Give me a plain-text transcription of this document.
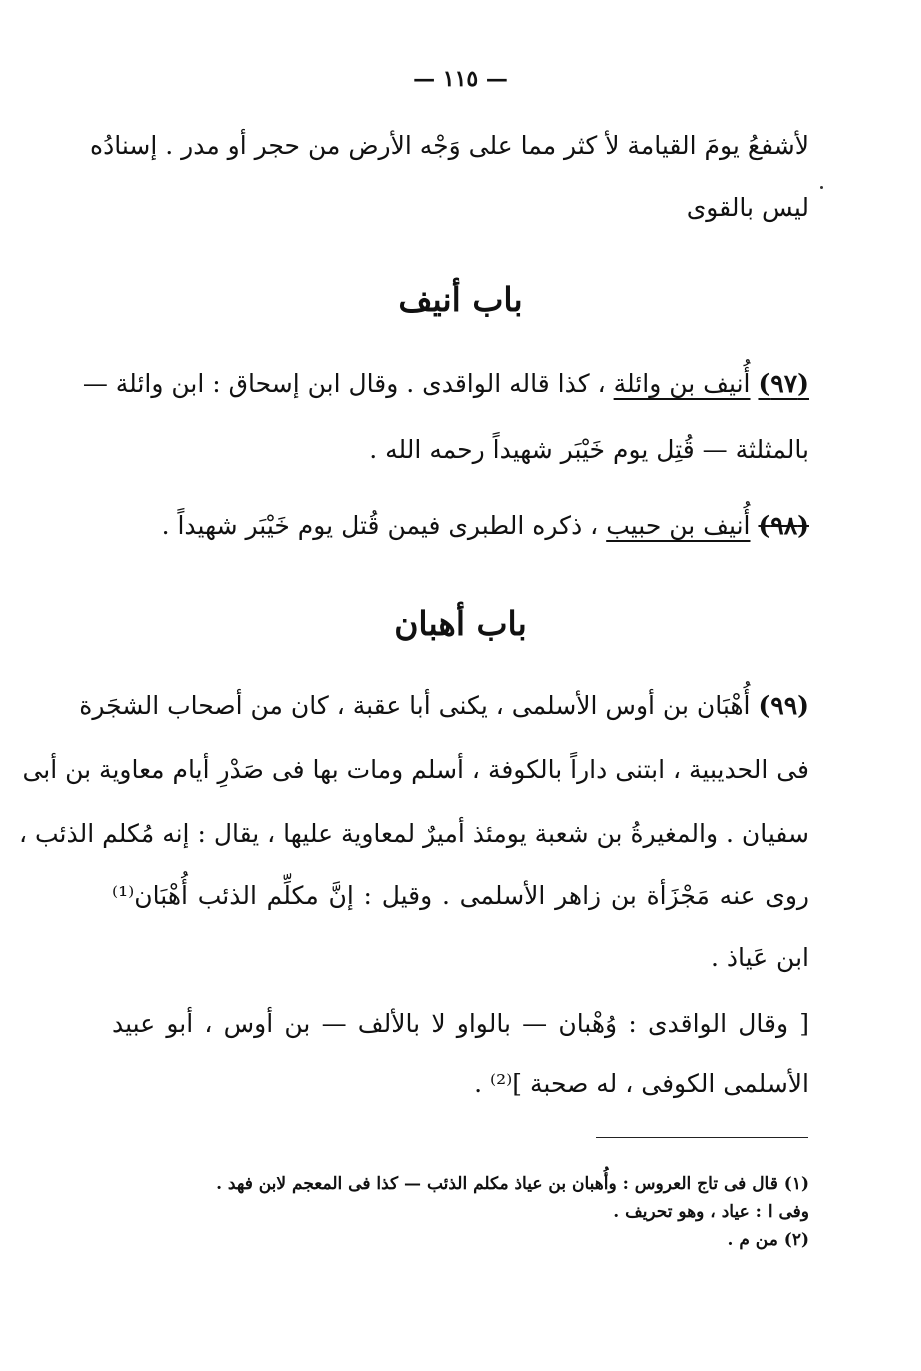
— ١١٥ —
لأشفعُ يومَ القيامة لأ كثر مما على وَجْه الأرض من حجر أو مدر . إسنادُه
ليس بالقوى
باب أنيف
(٩٧) أُنيف بن وائلة ، كذا قاله الواقدى . وقال ابن إسحاق : ابن وائلة —
بالمثلثة — قُتِل يوم خَيْبَر شهيداً رحمه الله .
(٩٨) أُنيف بن حبيب ، ذكره الطبرى فيمن قُتل يوم خَيْبَر شهيداً .
باب أهبان
(٩٩) أُهْبَان بن أوس الأسلمى ، يكنى أبا عقبة ، كان من أصحاب الشجَرة
فى الحديبية ، ابتنى داراً بالكوفة ، أسلم ومات بها فى صَدْرِ أيام معاوية بن أبى
سفيان . والمغيرةُ بن شعبة يومئذ أميرٌ لمعاوية عليها ، يقال : إنه مُكلم الذئب ،
روى عنه مَجْزَأة بن زاهر الأسلمى . وقيل : إنَّ مكلِّم الذئب أُهْبَان⁽¹⁾
ابن عَياذ .
[ وقال الواقدى : وُهْبان — بالواو لا بالألف — بن أوس ، أبو عبيد
الأسلمى الكوفى ، له صحبة ]⁽²⁾ .
(١) قال فى تاج العروس : وأُهبان بن عياذ مكلم الذئب — كذا فى المعجم لابن فهد .
وفى ا : عياد ، وهو تحريف .
(٢) من م .
